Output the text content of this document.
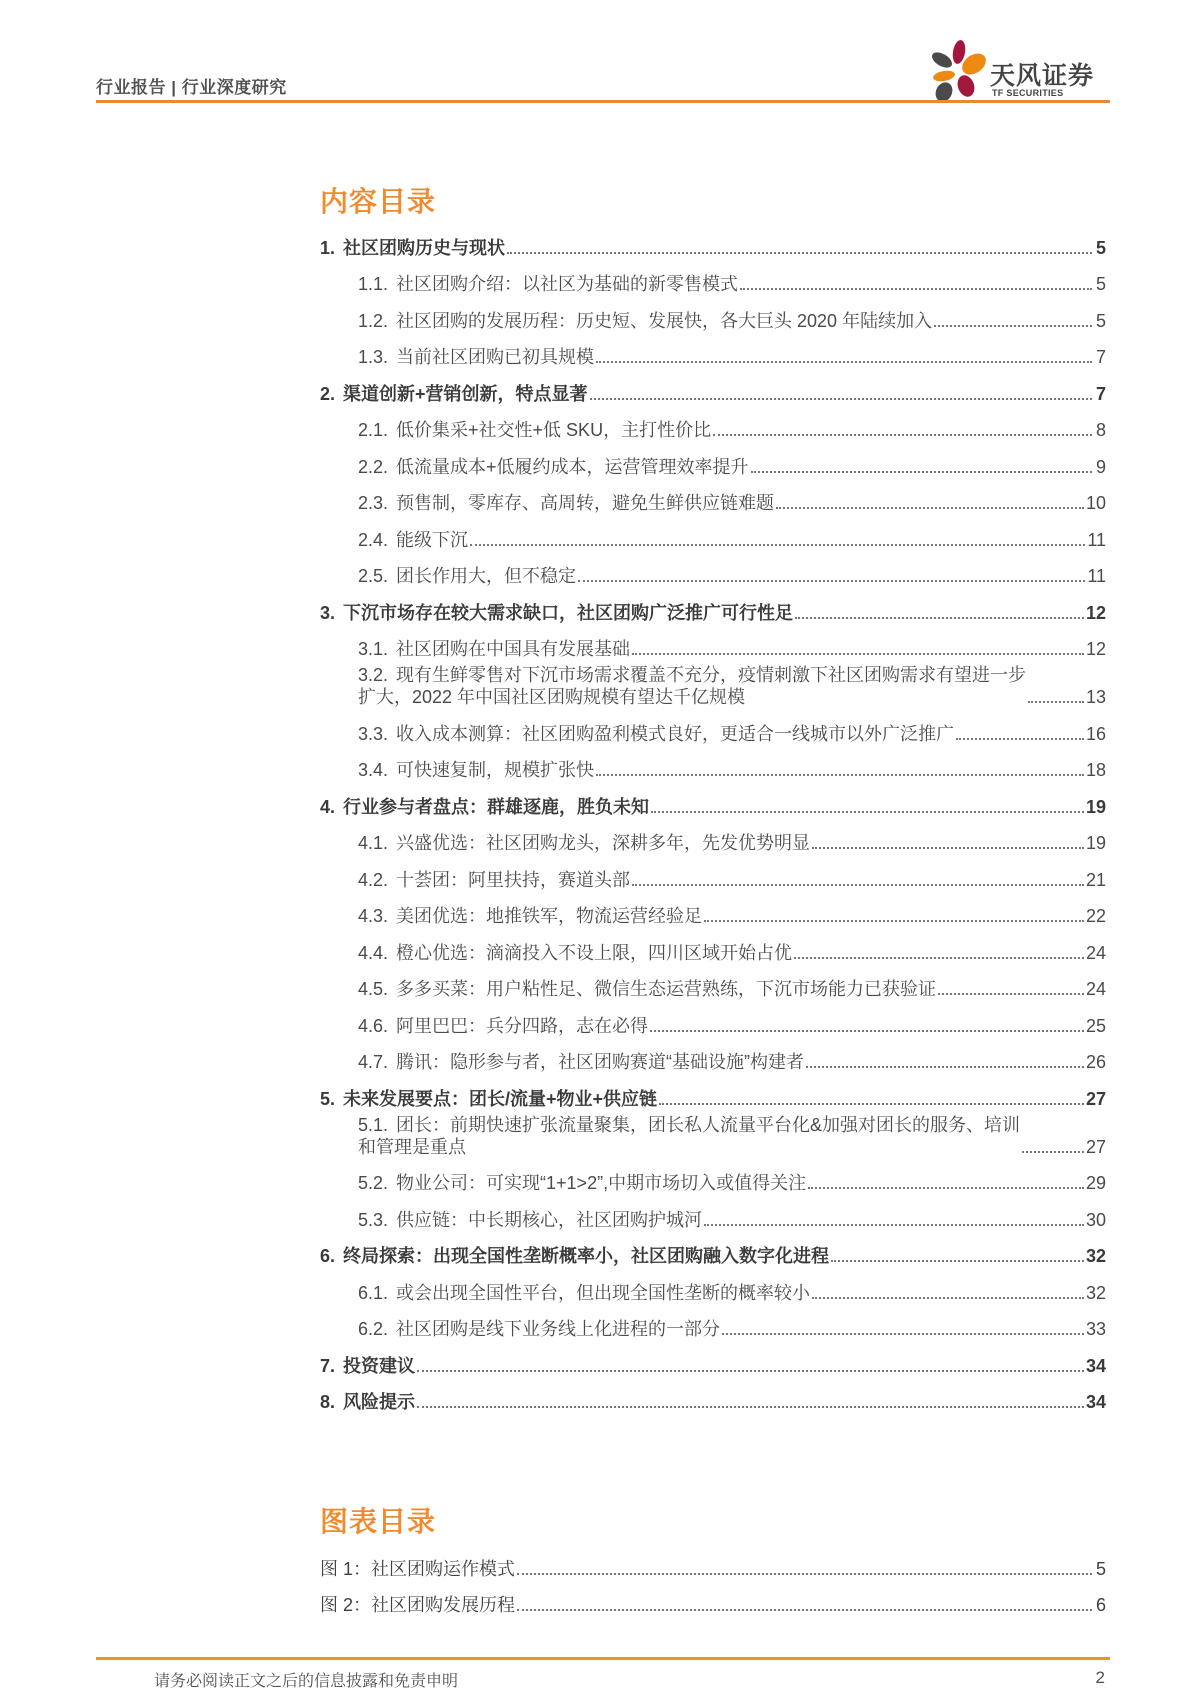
行业报告 | 行业深度研究	天风证券
TF SECURITIES
内容目录
1. 社区团购历史与现状	5
1.1. 社区团购介绍：以社区为基础的新零售模式	5
1.2. 社区团购的发展历程：历史短、发展快，各大巨头 2020 年陆续加入	5
1.3. 当前社区团购已初具规模	7
2. 渠道创新+营销创新，特点显著	7
2.1. 低价集采+社交性+低 SKU，主打性价比	8
2.2. 低流量成本+低履约成本，运营管理效率提升	9
2.3. 预售制，零库存、高周转，避免生鲜供应链难题	10
2.4. 能级下沉	11
2.5. 团长作用大，但不稳定	11
3. 下沉市场存在较大需求缺口，社区团购广泛推广可行性足	12
3.1. 社区团购在中国具有发展基础	12
3.2. 现有生鲜零售对下沉市场需求覆盖不充分，疫情刺激下社区团购需求有望进一步
扩大，2022 年中国社区团购规模有望达千亿规模	13
3.3. 收入成本测算：社区团购盈利模式良好，更适合一线城市以外广泛推广	16
3.4. 可快速复制，规模扩张快	18
4. 行业参与者盘点：群雄逐鹿，胜负未知	19
4.1. 兴盛优选：社区团购龙头，深耕多年，先发优势明显	19
4.2. 十荟团：阿里扶持，赛道头部	21
4.3. 美团优选：地推铁军，物流运营经验足	22
4.4. 橙心优选：滴滴投入不设上限，四川区域开始占优	24
4.5. 多多买菜：用户粘性足、微信生态运营熟练，下沉市场能力已获验证	24
4.6. 阿里巴巴：兵分四路，志在必得	25
4.7. 腾讯：隐形参与者，社区团购赛道“基础设施”构建者	26
5. 未来发展要点：团长/流量+物业+供应链	27
5.1. 团长：前期快速扩张流量聚集，团长私人流量平台化&加强对团长的服务、培训
和管理是重点	27
5.2. 物业公司：可实现“1+1>2”,中期市场切入或值得关注	29
5.3. 供应链：中长期核心，社区团购护城河	30
6. 终局探索：出现全国性垄断概率小，社区团购融入数字化进程	32
6.1. 或会出现全国性平台，但出现全国性垄断的概率较小	32
6.2. 社区团购是线下业务线上化进程的一部分	33
7. 投资建议	34
8. 风险提示	34
图表目录
图 1： 社区团购运作模式	5
图 2： 社区团购发展历程	6
请务必阅读正文之后的信息披露和免责申明	2
